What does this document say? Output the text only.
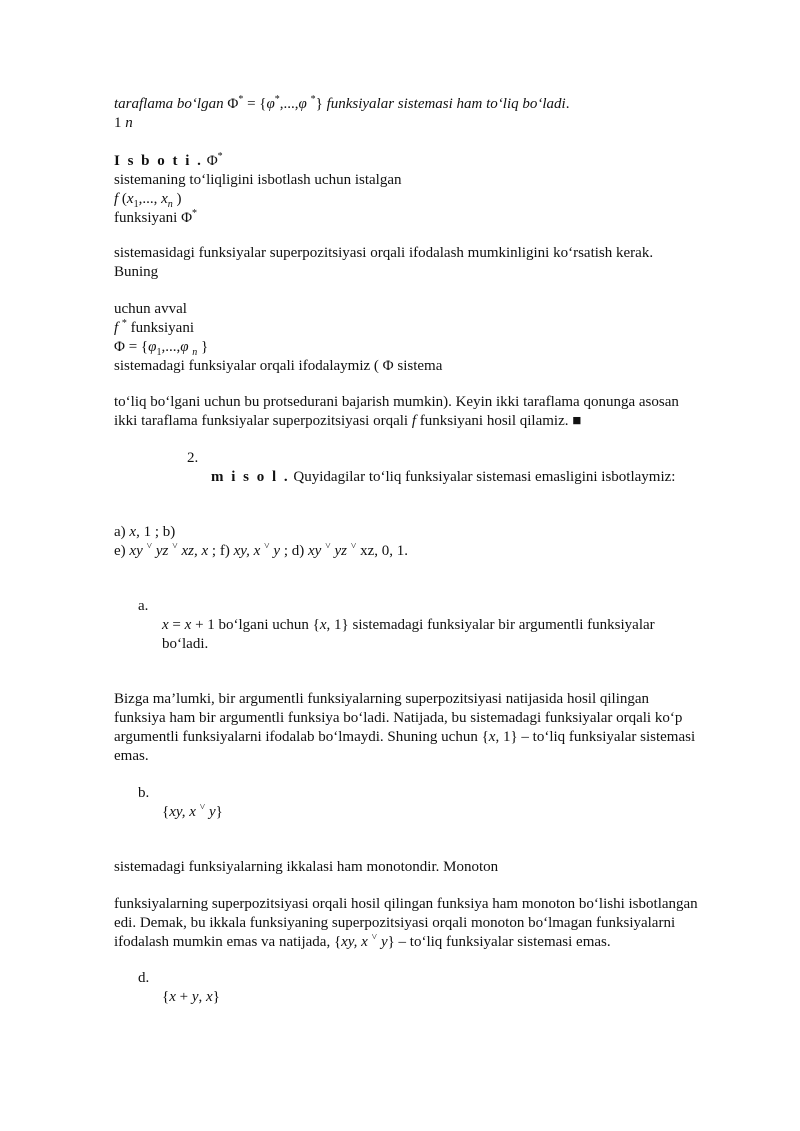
taraflama bo‘lgan Φ* = {φ*,...,φ *} funksiyalar sistemasi ham to‘liq bo‘ladi.
1 n
I s b o t i . Φ*
sistemaning to‘liqligini isbotlash uchun istalgan
f ($x_1$,..., $x_n$ )
funksiyani Φ*
sistemasidagi funksiyalar superpozitsiyasi orqali ifodalash mumkinligini ko‘rsatish kerak.
Buning
uchun avval
f * funksiyani
$\Phi = \{\varphi_1,...,\varphi$ $_n$ }
sistemadagi funksiyalar orqali ifodalaymiz ( Φ sistema
to‘liq bo‘lgani uchun bu protsedurani bajarish mumkin). Keyin ikki taraflama qonunga asosan
ikki taraflama funksiyalar superpozitsiyasi orqali f funksiyani hosil qilamiz. ■
2.
m i s o l . Quyidagilar to‘liq funksiyalar sistemasi emasligini isbotlaymiz:
a) x, 1 ; b)
e) xy ˅ yz ˅ xz, x ; f) xy, x ˅ y ; d) xy ˅ yz ˅ xz, 0, 1.
a.
x = x + 1 bo‘lgani uchun {x, 1} sistemadagi funksiyalar bir argumentli funksiyalar
bo‘ladi.
Bizga ma’lumki, bir argumentli funksiyalarning superpozitsiyasi natijasida hosil qilingan
funksiya ham bir argumentli funksiya bo‘ladi. Natijada, bu sistemadagi funksiyalar orqali ko‘p
argumentli funksiyalarni ifodalab bo‘lmaydi. Shuning uchun {x, 1} – to‘liq funksiyalar sistemasi
emas.
b.
{xy, x ˅ y}
sistemadagi funksiyalarning ikkalasi ham monotondir. Monoton
funksiyalarning superpozitsiyasi orqali hosil qilingan funksiya ham monoton bo‘lishi isbotlangan
edi. Demak, bu ikkala funksiyaning superpozitsiyasi orqali monoton bo‘lmagan funksiyalarni
ifodalash mumkin emas va natijada, {xy, x ˅ y} – to‘liq funksiyalar sistemasi emas.
d.
{x + y, x}
